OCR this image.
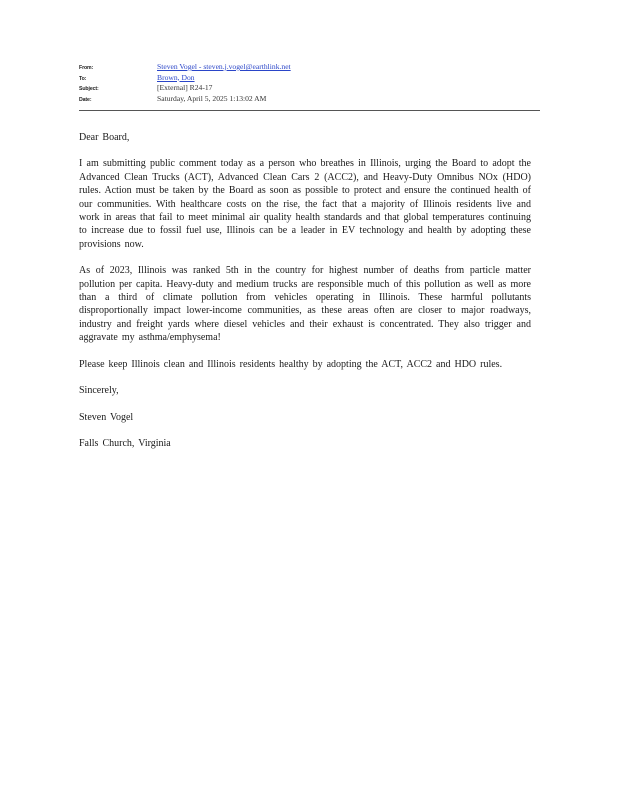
From:	Steven Vogel - steven.j.vogel@earthlink.net
To:	Brown, Don
Subject:	[External] R24-17
Date:	Saturday, April 5, 2025 1:13:02 AM

Dear Board,

I am submitting public comment today as a person who breathes in Illinois, urging the Board to adopt the Advanced Clean Trucks (ACT), Advanced Clean Cars 2 (ACC2), and Heavy-Duty Omnibus NOx (HDO) rules. Action must be taken by the Board as soon as possible to protect and ensure the continued health of our communities. With healthcare costs on the rise, the fact that a majority of Illinois residents live and work in areas that fail to meet minimal air quality health standards and that global temperatures continuing to increase due to fossil fuel use, Illinois can be a leader in EV technology and health by adopting these provisions now.

As of 2023, Illinois was ranked 5th in the country for highest number of deaths from particle matter pollution per capita. Heavy-duty and medium trucks are responsible much of this pollution as well as more than a third of climate pollution from vehicles operating in Illinois. These harmful pollutants disproportionally impact lower-income communities, as these areas often are closer to major roadways, industry and freight yards where diesel vehicles and their exhaust is concentrated. They also trigger and aggravate my asthma/emphysema!

Please keep Illinois clean and Illinois residents healthy by adopting the ACT, ACC2 and HDO rules.

Sincerely,

Steven Vogel

Falls Church, Virginia
